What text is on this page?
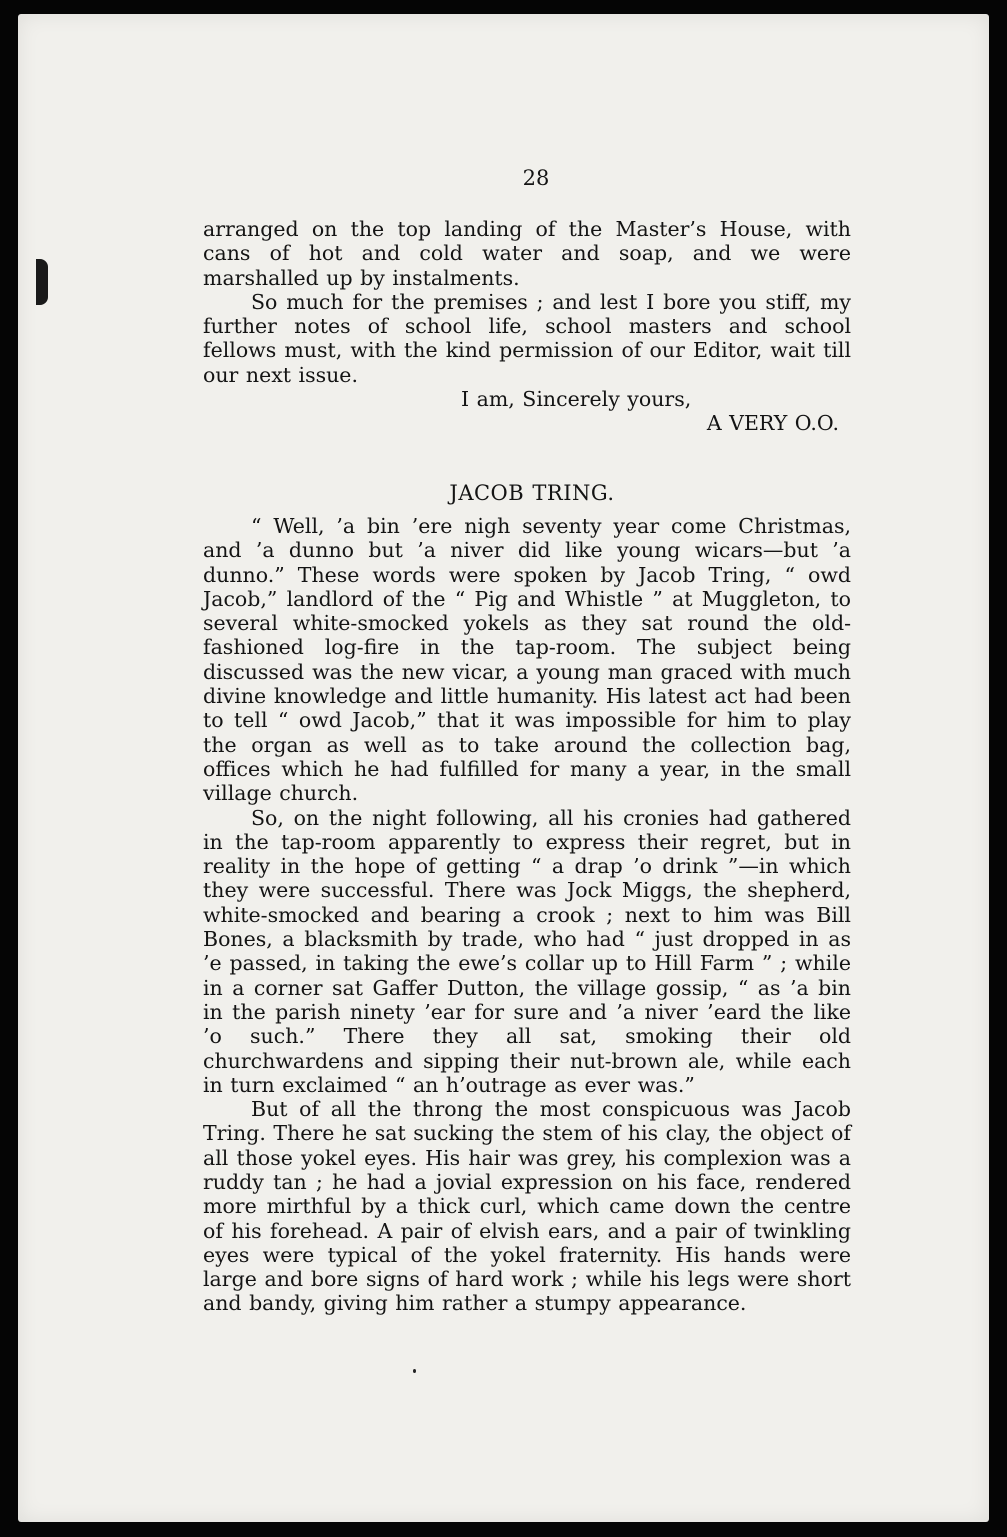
28

arranged on the top landing of the Master’s House, with cans of hot and cold water and soap, and we were marshalled up by instalments.

So much for the premises ; and lest I bore you stiff, my further notes of school life, school masters and school fellows must, with the kind permission of our Editor, wait till our next issue.

I am, Sincerely yours,

A VERY O.O.

JACOB TRING.

“ Well, ’a bin ’ere nigh seventy year come Christmas, and ’a dunno but ’a niver did like young wicars—but ’a dunno.” These words were spoken by Jacob Tring, “ owd Jacob,” landlord of the “ Pig and Whistle ” at Muggleton, to several white-smocked yokels as they sat round the old-fashioned log-fire in the tap-room. The subject being discussed was the new vicar, a young man graced with much divine knowledge and little humanity. His latest act had been to tell “ owd Jacob,” that it was impossible for him to play the organ as well as to take around the collection bag, offices which he had fulfilled for many a year, in the small village church.

So, on the night following, all his cronies had gathered in the tap-room apparently to express their regret, but in reality in the hope of getting “ a drap ’o drink ”—in which they were successful. There was Jock Miggs, the shepherd, white-smocked and bearing a crook ; next to him was Bill Bones, a blacksmith by trade, who had “ just dropped in as ’e passed, in taking the ewe’s collar up to Hill Farm ” ; while in a corner sat Gaffer Dutton, the village gossip, “ as ’a bin in the parish ninety ’ear for sure and ’a niver ’eard the like ’o such.” There they all sat, smoking their old churchwardens and sipping their nut-brown ale, while each in turn exclaimed “ an h’outrage as ever was.”

But of all the throng the most conspicuous was Jacob Tring. There he sat sucking the stem of his clay, the object of all those yokel eyes. His hair was grey, his complexion was a ruddy tan ; he had a jovial expression on his face, rendered more mirthful by a thick curl, which came down the centre of his forehead. A pair of elvish ears, and a pair of twinkling eyes were typical of the yokel fraternity. His hands were large and bore signs of hard work ; while his legs were short and bandy, giving him rather a stumpy appearance.
